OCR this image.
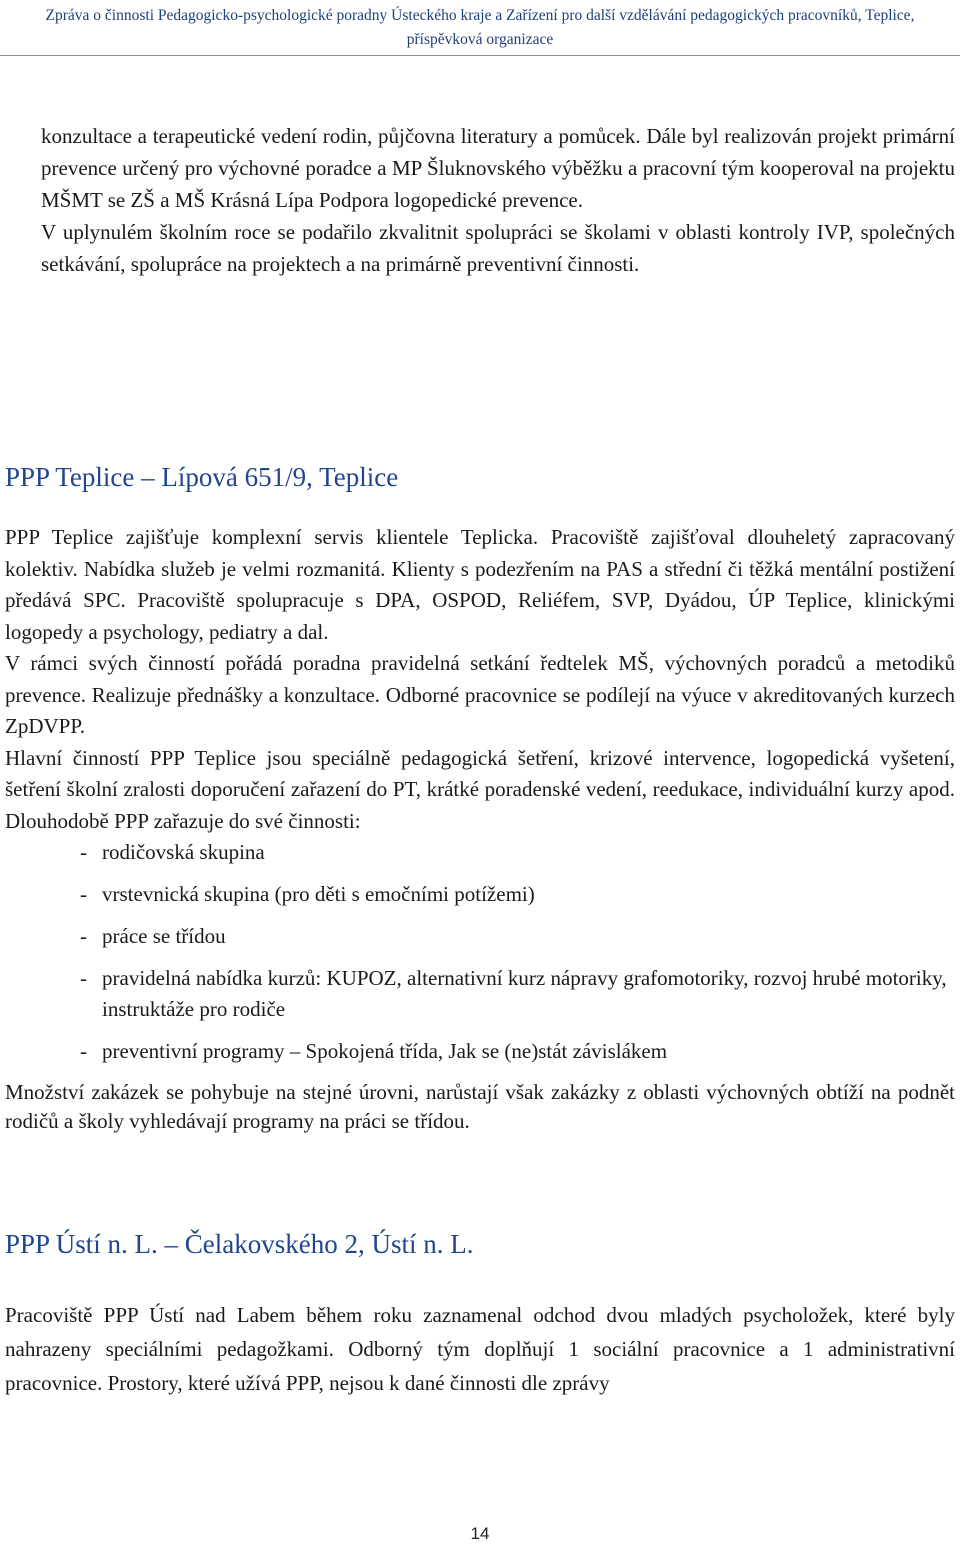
Zpráva o činnosti Pedagogicko-psychologické poradny Ústeckého kraje a Zařízení pro další vzdělávání pedagogických pracovníků, Teplice,
příspěvková organizace

konzultace a terapeutické vedení rodin, půjčovna literatury a pomůcek. Dále byl realizován projekt primární prevence určený pro výchovné poradce a MP Šluknovského výběžku a pracovní tým kooperoval na projektu MŠMT se ZŠ a MŠ Krásná Lípa Podpora logopedické prevence.

V uplynulém školním roce se podařilo zkvalitnit spolupráci se školami v oblasti kontroly IVP, společných setkávání, spolupráce na projektech a na primárně preventivní činnosti.

PPP Teplice – Lípová 651/9, Teplice

PPP Teplice zajišťuje komplexní servis klientele Teplicka. Pracoviště zajišťoval dlouheletý zapracovaný kolektiv. Nabídka služeb je velmi rozmanitá. Klienty s podezřením na PAS a střední či těžká mentální postižení předává SPC. Pracoviště spolupracuje s DPA, OSPOD, Reliéfem, SVP, Dyádou, ÚP Teplice, klinickými logopedy a psychology, pediatry a dal.

V rámci svých činností pořádá poradna pravidelná setkání ředtelek MŠ, výchovných poradců a metodiků prevence. Realizuje přednášky a konzultace. Odborné pracovnice se podílejí na výuce v akreditovaných kurzech ZpDVPP.

Hlavní činností PPP Teplice jsou speciálně pedagogická šetření, krizové intervence, logopedická vyšetení, šetření školní zralosti doporučení zařazení do PT, krátké poradenské vedení, reedukace, individuální kurzy apod. Dlouhodobě PPP zařazuje do své činnosti:

- rodičovská skupina
- vrstevnická skupina (pro děti s emočními potížemi)
- práce se třídou
- pravidelná nabídka kurzů: KUPOZ, alternativní kurz nápravy grafomotoriky, rozvoj hrubé motoriky, instruktáže pro rodiče
- preventivní programy – Spokojená třída, Jak se (ne)stát závislákem

Množství zakázek se pohybuje na stejné úrovni, narůstají však zakázky z oblasti výchovných obtíží na podnět rodičů a školy vyhledávají programy na práci se třídou.

PPP Ústí n. L. – Čelakovského 2, Ústí n. L.

Pracoviště PPP Ústí nad Labem během roku zaznamenal odchod dvou mladých psycholožek, které byly nahrazeny speciálními pedagožkami. Odborný tým doplňují 1 sociální pracovnice a 1 administrativní pracovnice. Prostory, které užívá PPP, nejsou k dané činnosti dle zprávy

14
